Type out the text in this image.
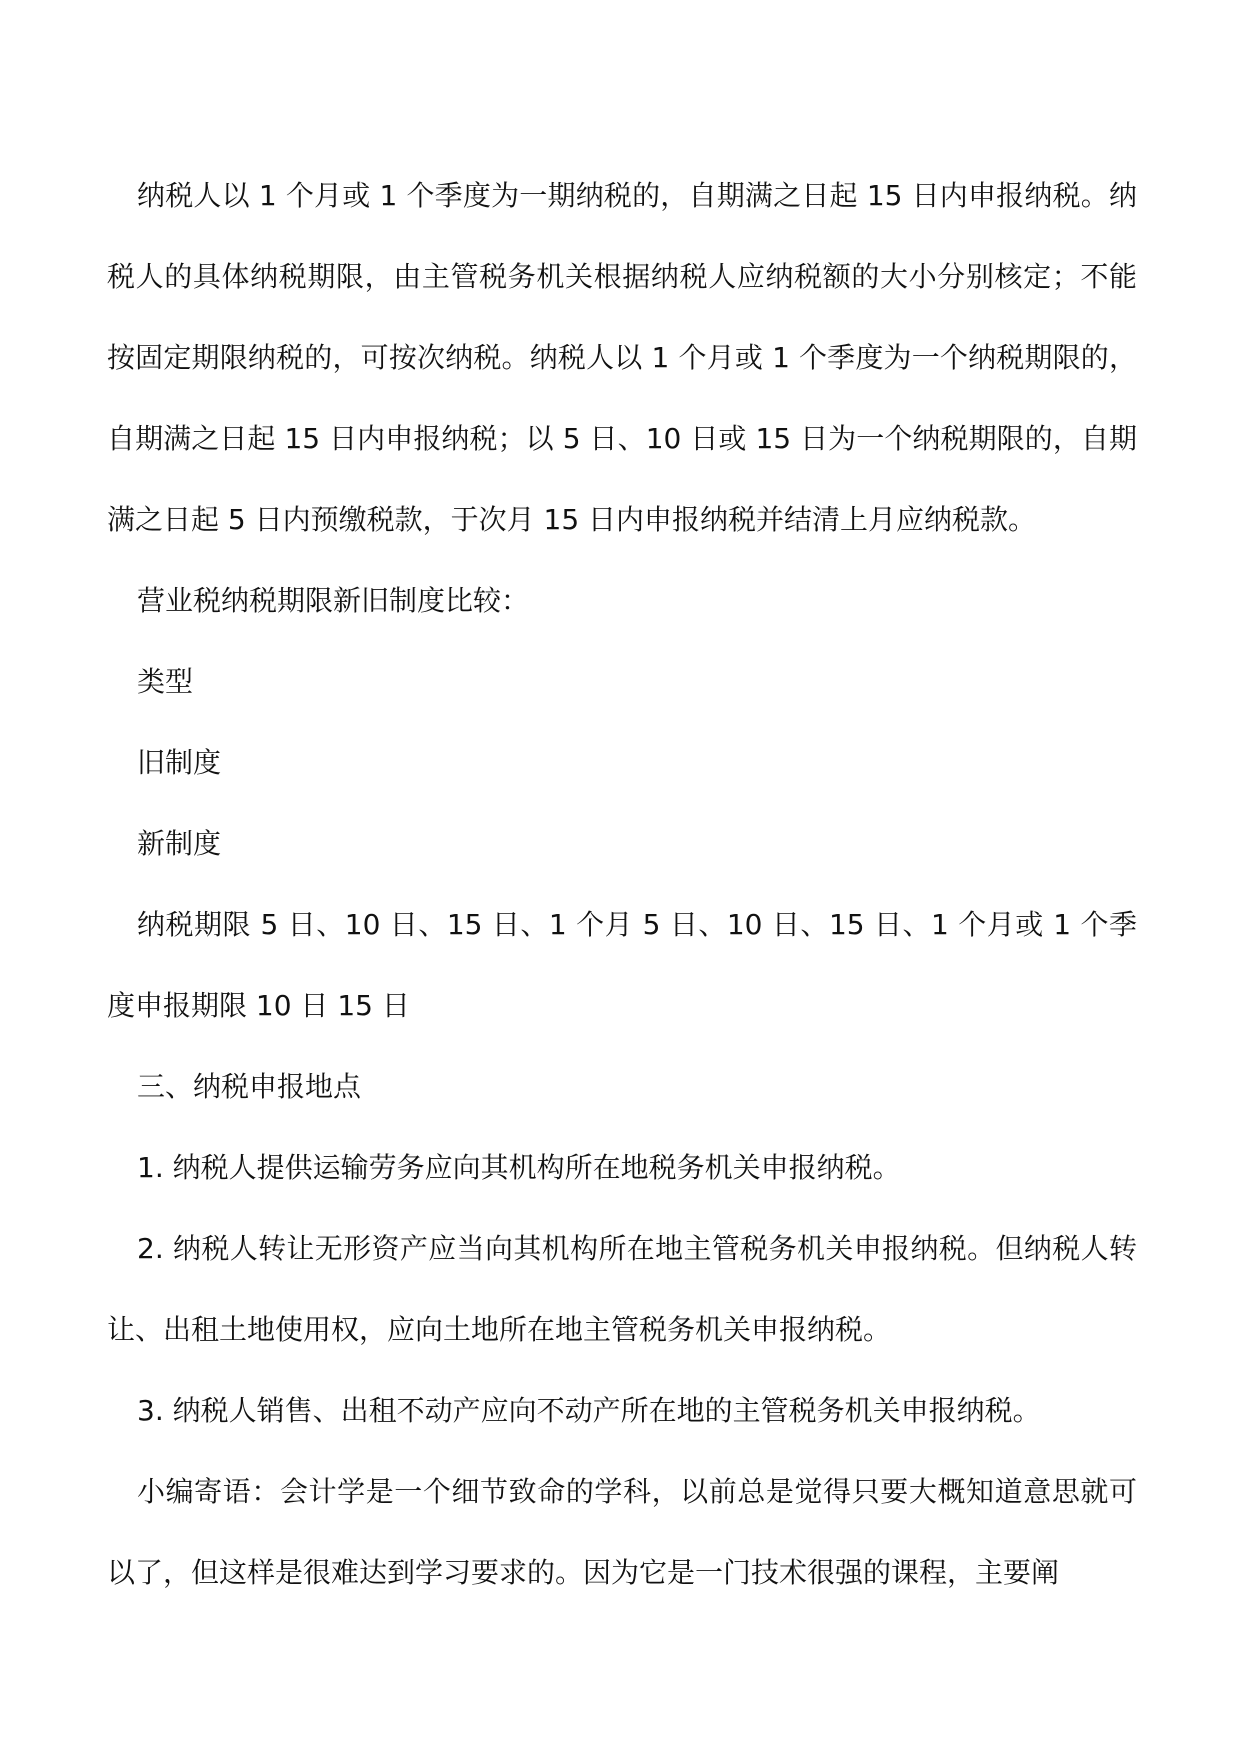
纳税人以 1 个月或 1 个季度为一期纳税的，自期满之日起 15 日内申报纳税。纳税人的具体纳税期限，由主管税务机关根据纳税人应纳税额的大小分别核定；不能按固定期限纳税的，可按次纳税。纳税人以 1 个月或 1 个季度为一个纳税期限的，自期满之日起 15 日内申报纳税；以 5 日、10 日或 15 日为一个纳税期限的，自期满之日起 5 日内预缴税款，于次月 15 日内申报纳税并结清上月应纳税款。

营业税纳税期限新旧制度比较：

类型

旧制度

新制度

纳税期限 5 日、10 日、15 日、1 个月 5 日、10 日、15 日、1 个月或 1 个季度申报期限 10 日 15 日

三、纳税申报地点

1. 纳税人提供运输劳务应向其机构所在地税务机关申报纳税。

2. 纳税人转让无形资产应当向其机构所在地主管税务机关申报纳税。但纳税人转让、出租土地使用权，应向土地所在地主管税务机关申报纳税。

3. 纳税人销售、出租不动产应向不动产所在地的主管税务机关申报纳税。

小编寄语：会计学是一个细节致命的学科，以前总是觉得只要大概知道意思就可以了，但这样是很难达到学习要求的。因为它是一门技术很强的课程，主要阐
